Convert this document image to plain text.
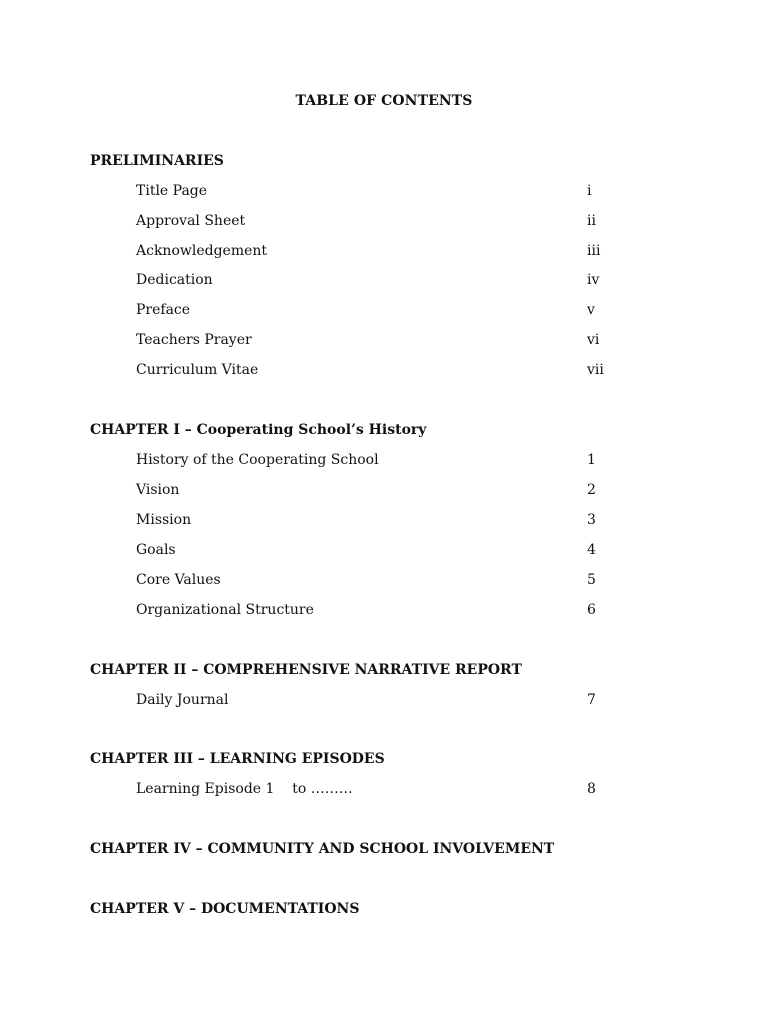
TABLE OF CONTENTS
PRELIMINARIES
Title Page	i
Approval Sheet	ii
Acknowledgement	iii
Dedication	iv
Preface	v
Teachers Prayer	vi
Curriculum Vitae	vii
CHAPTER I – Cooperating School’s History
History of the Cooperating School	1
Vision	2
Mission	3
Goals	4
Core Values	5
Organizational Structure	6
CHAPTER II – COMPREHENSIVE NARRATIVE REPORT
Daily Journal	7
CHAPTER III – LEARNING EPISODES
Learning Episode 1    to ………	8
CHAPTER IV – COMMUNITY AND SCHOOL INVOLVEMENT
CHAPTER V – DOCUMENTATIONS
